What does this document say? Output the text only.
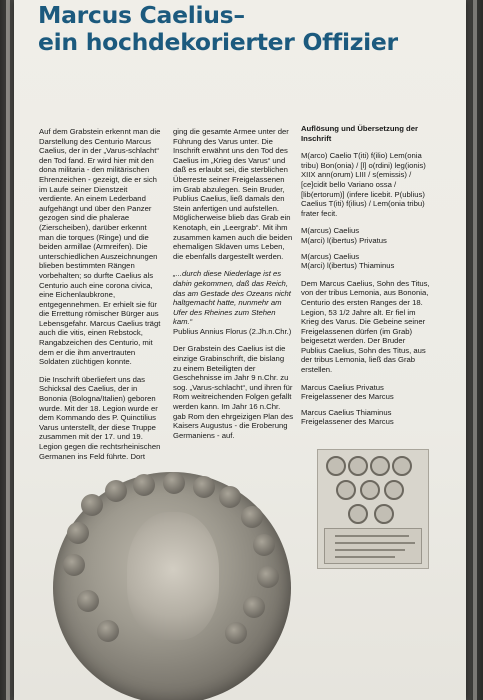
Marcus Caelius–
ein hochdekorierter Offizier

Auf dem Grabstein erkennt man die Darstellung des Centurio Marcus Caelius, der in der „Varus-schlacht“ den Tod fand. Er wird hier mit den dona militaria - den militärischen Ehrenzeichen - gezeigt, die er sich im Laufe seiner Dienstzeit verdiente. An einem Lederband aufgehängt und über den Panzer gezogen sind die phalerae (Zierscheiben), darüber erkennt man die torques (Ringe) und die beiden armillae (Armreifen). Die unterschiedlichen Auszeichnungen blieben bestimmten Rängen vorbehalten; so durfte Caelius als Centurio auch eine corona civica, eine Eichenlaubkrone, entgegennehmen. Er erhielt sie für die Errettung römischer Bürger aus Lebensgefahr. Marcus Caelius trägt auch die vitis, einen Rebstock, Rangabzeichen des Centurio, mit dem er die ihm anvertrauten Soldaten züchtigen konnte.

Die Inschrift überliefert uns das Schicksal des Caelius, der in Bononia (Bologna/Italien) geboren wurde. Mit der 18. Legion wurde er dem Kommando des P. Quinctilius Varus unterstellt, der diese Truppe zusammen mit der 17. und 19. Legion gegen die rechtsrheinischen Germanen ins Feld führte. Dort

ging die gesamte Armee unter der Führung des Varus unter. Die Inschrift erwähnt uns den Tod des Caelius im „Krieg des Varus“ und daß es erlaubt sei, die sterblichen Überreste seiner Freigelassenen im Grab abzulegen. Sein Bruder, Publius Caelius, ließ damals den Stein anfertigen und aufstellen. Möglicherweise blieb das Grab ein Kenotaph, ein „Leergrab“. Mit ihm zusammen kamen auch die beiden ehemaligen Sklaven ums Leben, die ebenfalls dargestellt werden.

„...durch diese Niederlage ist es dahin gekommen, daß das Reich, das am Gestade des Ozeans nicht haltgemacht hatte, nunmehr am Ufer des Rheines zum Stehen kam.“
Publius Annius Florus (2.Jh.n.Chr.)

Der Grabstein des Caelius ist die einzige Grabinschrift, die bislang zu einem Beteiligten der Geschehnisse im Jahr 9 n.Chr. zu sog. „Varus-schlacht“, und ihren für Rom weitreichenden Folgen gefallt werden kann. Im Jahr 16 n.Chr. gab Rom den ehrgeizigen Plan des Kaisers Augustus - die Eroberung Germaniens - auf.

Auflösung und Übersetzung der Inschrift

M(arco) Caelio T(iti) f(ilio) Lem(onia tribu) Bon(onia) / [l] o(rdini) leg(ionis) XIIX ann(orum) LIII / s(emissis) / [ce]cidit bello Variano ossa / [lib(ertorum)] (infere licebit. P(ublius) Caelius T(iti) f(ilius) / Lem(onia tribu) frater fecit.

M(arcus) Caelius
M(arci) l(ibertus) Privatus

M(arcus) Caelius
M(arci) l(ibertus) Thiaminus

Dem Marcus Caelius, Sohn des Titus, von der tribus Lemonia, aus Bononia, Centurio des ersten Ranges der 18. Legion, 53 1/2 Jahre alt. Er fiel im Krieg des Varus. Die Gebeine seiner Freigelassenen dürfen (im Grab) beigesetzt werden. Der Bruder Publius Caelius, Sohn des Titus, aus der tribus Lemonia, ließ das Grab erstellen.

Marcus Caelius Privatus
Freigelassener des Marcus

Marcus Caelius Thiaminus
Freigelassener des Marcus
